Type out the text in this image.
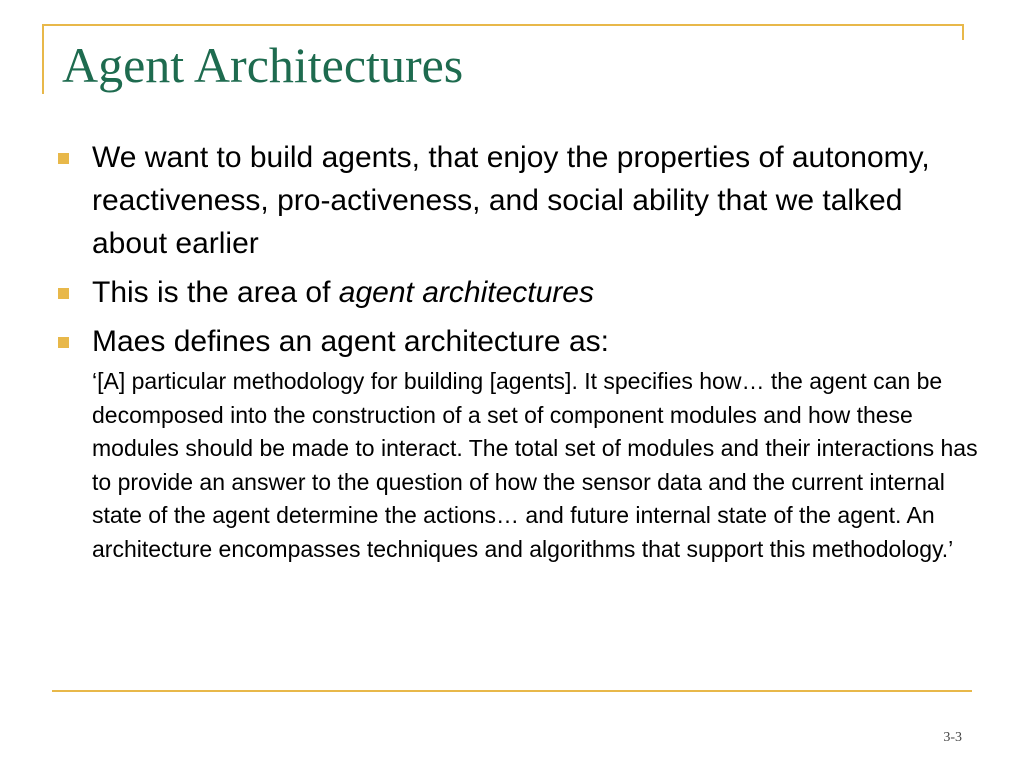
Agent Architectures
We want to build agents, that enjoy the properties of autonomy, reactiveness, pro-activeness, and social ability that we talked about earlier
This is the area of agent architectures
Maes defines an agent architecture as:
‘[A] particular methodology for building [agents]. It specifies how… the agent can be decomposed into the construction of a set of component modules and how these modules should be made to interact. The total set of modules and their interactions has to provide an answer to the question of how the sensor data and the current internal state of the agent determine the actions… and future internal state of the agent. An architecture encompasses techniques and algorithms that support this methodology.’
3-3
